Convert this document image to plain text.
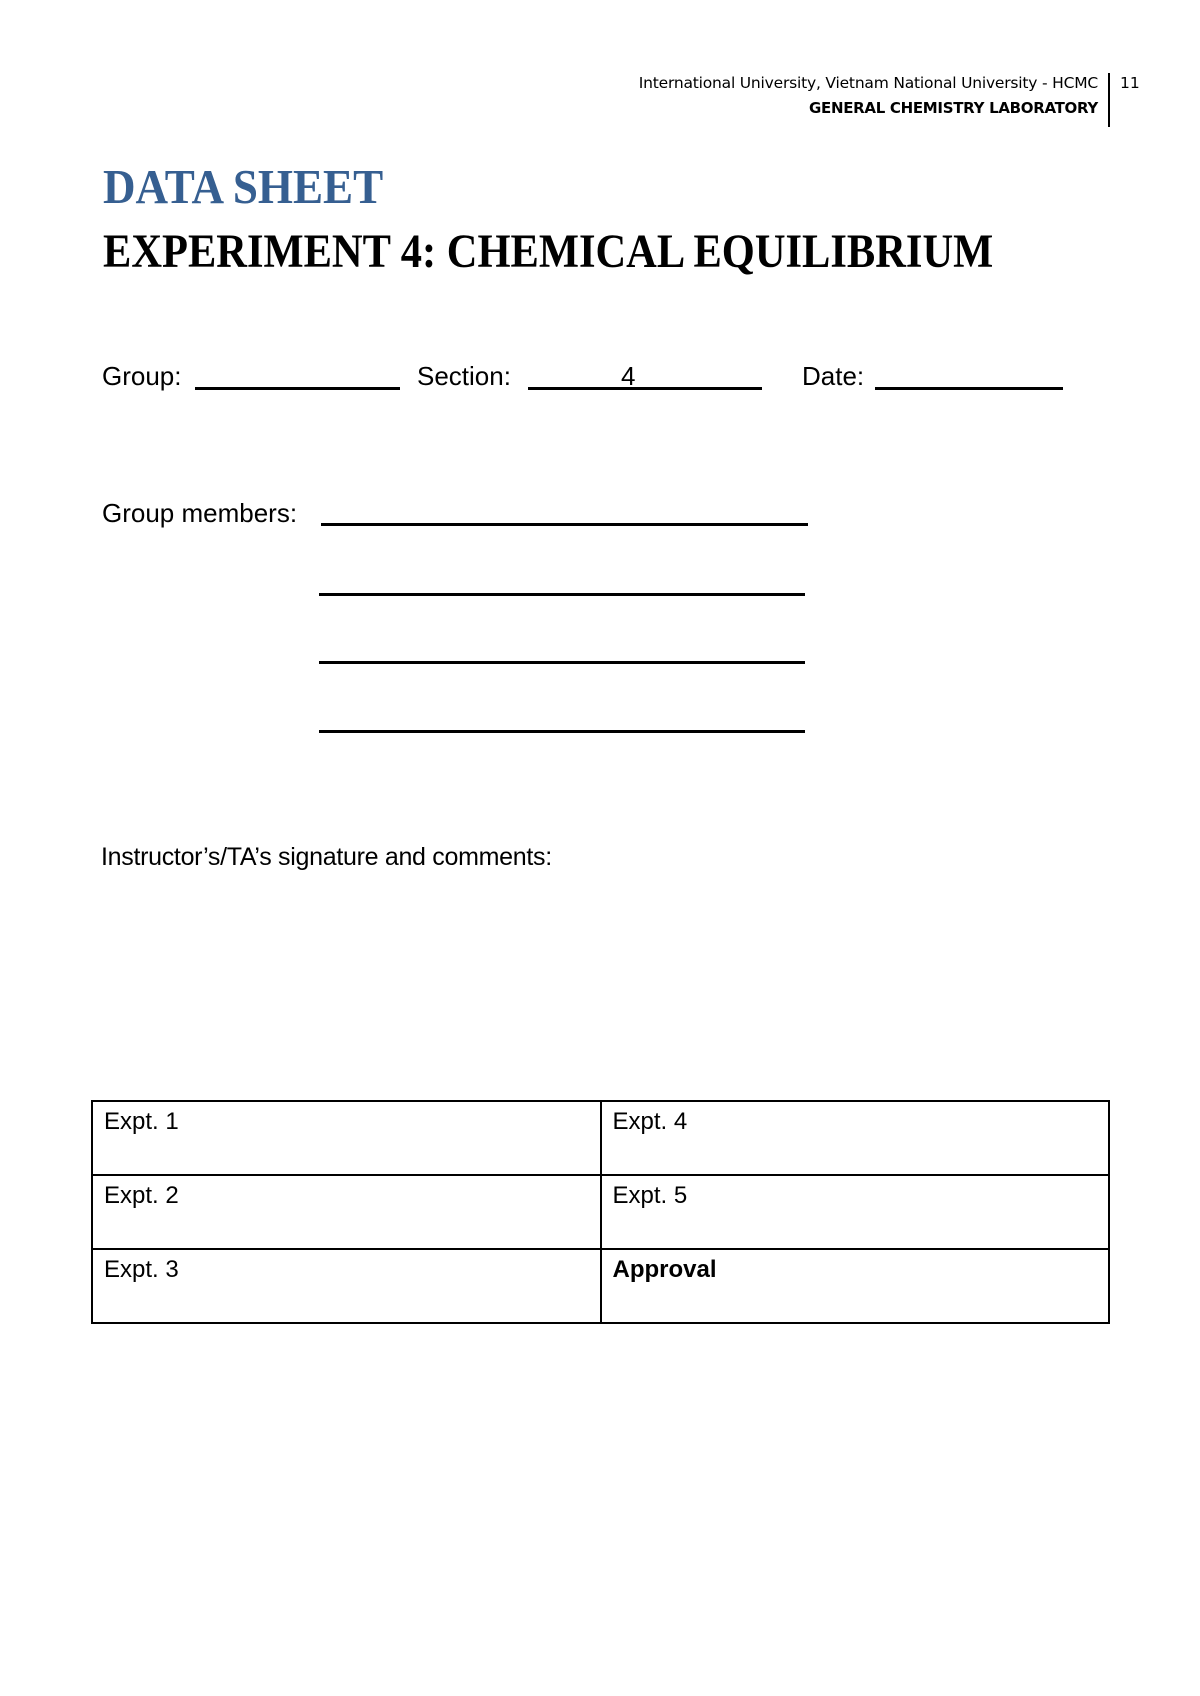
International University, Vietnam National University - HCMC
GENERAL CHEMISTRY LABORATORY
11
DATA SHEET
EXPERIMENT 4: CHEMICAL EQUILIBRIUM
Group:	Section:	4	Date:
Group members:
Instructor’s/TA’s signature and comments:
Expt. 1	Expt. 4
Expt. 2	Expt. 5
Expt. 3	Approval
